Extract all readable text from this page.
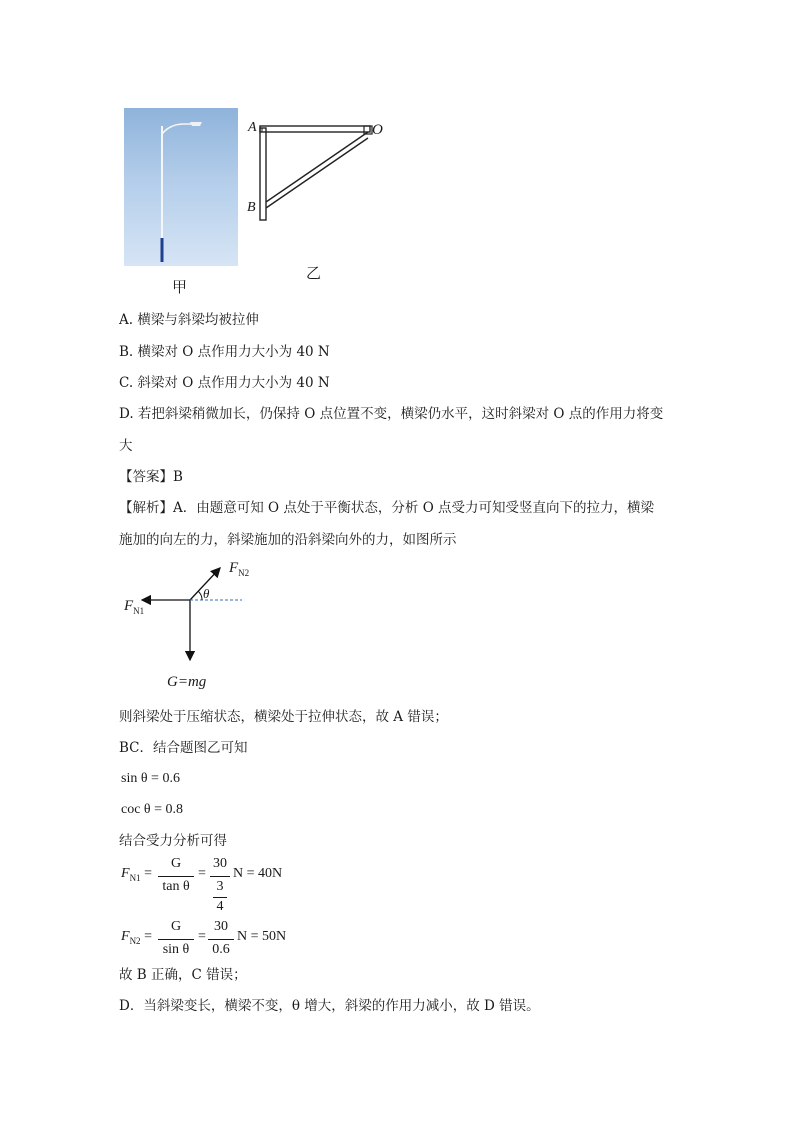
甲
A	O
B
乙
A. 横梁与斜梁均被拉伸
B. 横梁对 O 点作用力大小为 40 N
C. 斜梁对 O 点作用力大小为 40 N
D. 若把斜梁稍微加长，仍保持 O 点位置不变，横梁仍水平，这时斜梁对 O 点的作用力将变
大
【答案】B
【解析】A．由题意可知 O 点处于平衡状态，分析 O 点受力可知受竖直向下的拉力，横梁
施加的向左的力，斜梁施加的沿斜梁向外的力，如图所示
$F_{N2}$
$F_{N1}$
θ
G=mg
则斜梁处于压缩状态，横梁处于拉伸状态，故 A 错误；
BC．结合题图乙可知
sin θ = 0.6
coc θ = 0.8
结合受力分析可得
$F_{N1}$ =
G
tan θ
=
30
3
4
N = 40N
$F_{N2}$ =
G
sin θ
=
30
0.6
N = 50N
故 B 正确，C 错误；
D．当斜梁变长，横梁不变，θ 增大，斜梁的作用力减小，故 D 错误。
